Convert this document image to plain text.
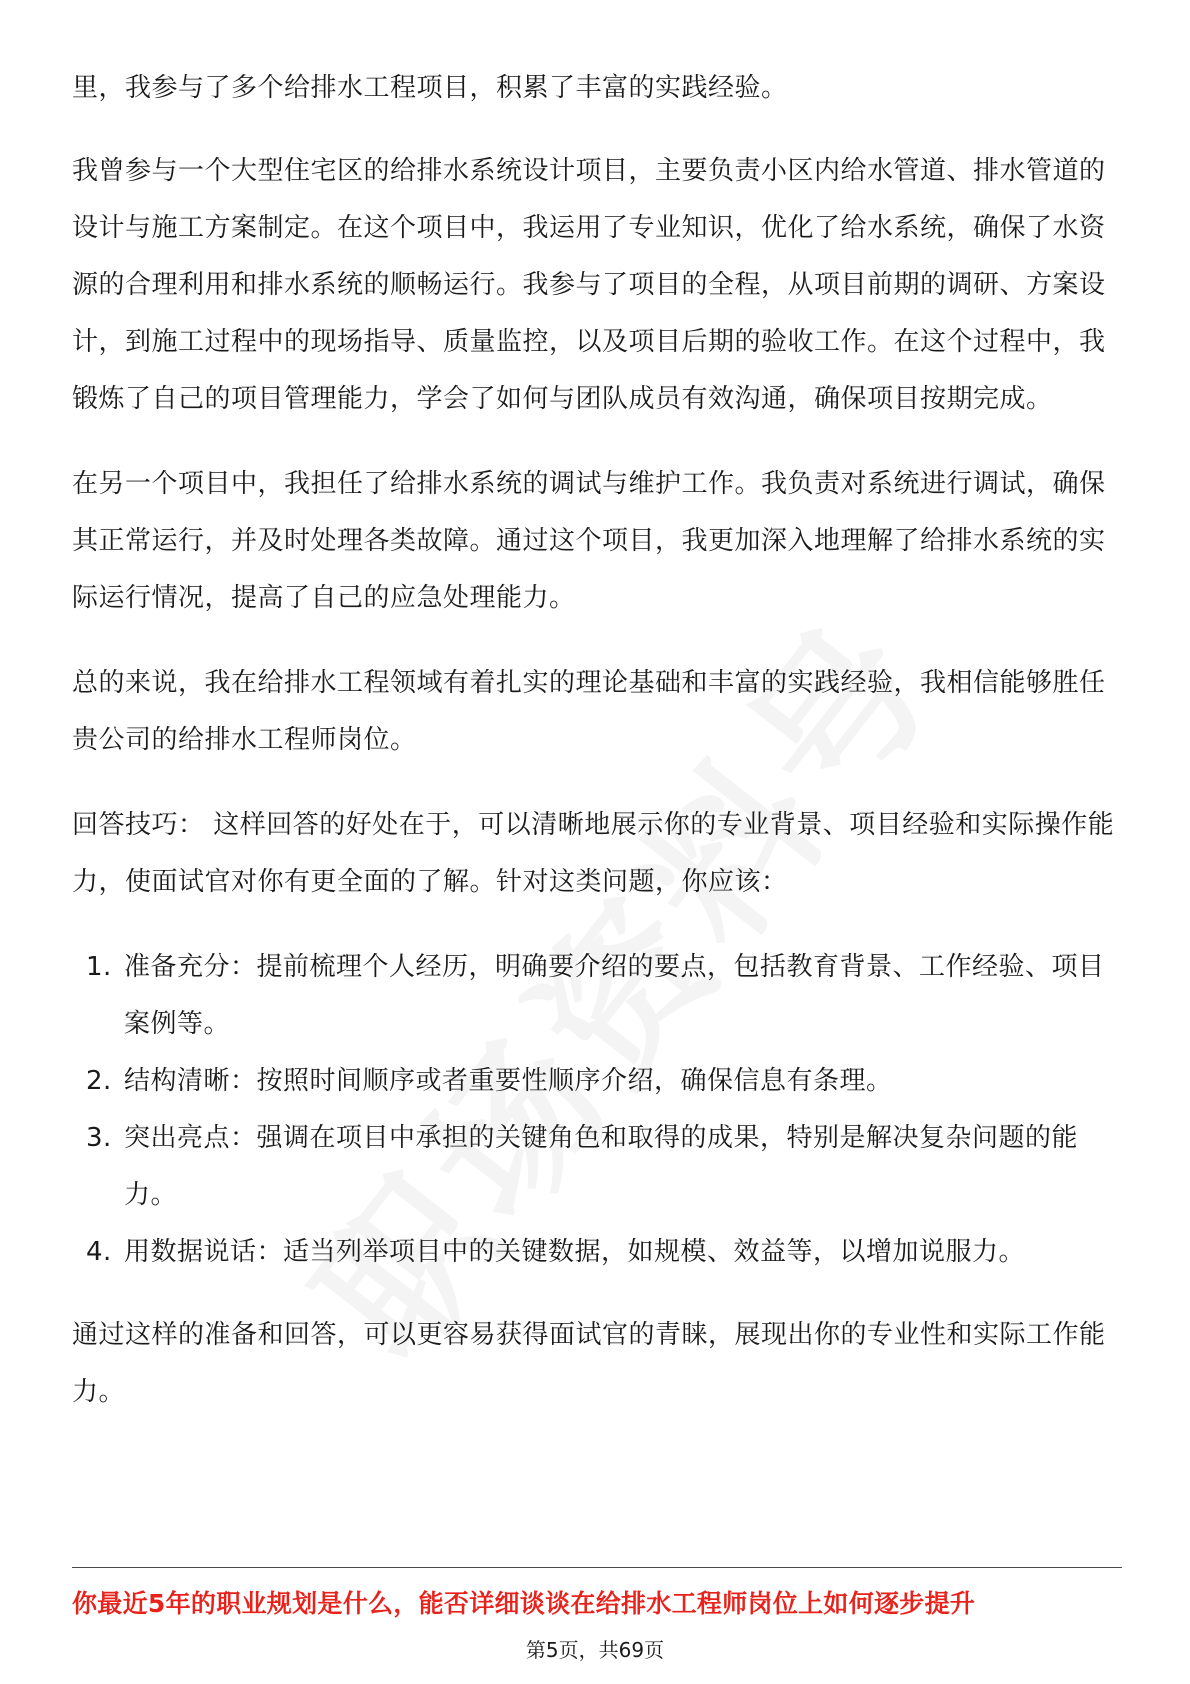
里，我参与了多个给排水工程项目，积累了丰富的实践经验。

我曾参与一个大型住宅区的给排水系统设计项目，主要负责小区内给水管道、排水管道的设计与施工方案制定。在这个项目中，我运用了专业知识，优化了给水系统，确保了水资源的合理利用和排水系统的顺畅运行。我参与了项目的全程，从项目前期的调研、方案设计，到施工过程中的现场指导、质量监控，以及项目后期的验收工作。在这个过程中，我锻炼了自己的项目管理能力，学会了如何与团队成员有效沟通，确保项目按期完成。

在另一个项目中，我担任了给排水系统的调试与维护工作。我负责对系统进行调试，确保其正常运行，并及时处理各类故障。通过这个项目，我更加深入地理解了给排水系统的实际运行情况，提高了自己的应急处理能力。

总的来说，我在给排水工程领域有着扎实的理论基础和丰富的实践经验，我相信能够胜任贵公司的给排水工程师岗位。

回答技巧： 这样回答的好处在于，可以清晰地展示你的专业背景、项目经验和实际操作能力，使面试官对你有更全面的了解。针对这类问题，你应该：

1. 准备充分：提前梳理个人经历，明确要介绍的要点，包括教育背景、工作经验、项目案例等。
2. 结构清晰：按照时间顺序或者重要性顺序介绍，确保信息有条理。
3. 突出亮点：强调在项目中承担的关键角色和取得的成果，特别是解决复杂问题的能力。
4. 用数据说话：适当列举项目中的关键数据，如规模、效益等，以增加说服力。

通过这样的准备和回答，可以更容易获得面试官的青睐，展现出你的专业性和实际工作能力。

你最近5年的职业规划是什么，能否详细谈谈在给排水工程师岗位上如何逐步提升
第5页，共69页
